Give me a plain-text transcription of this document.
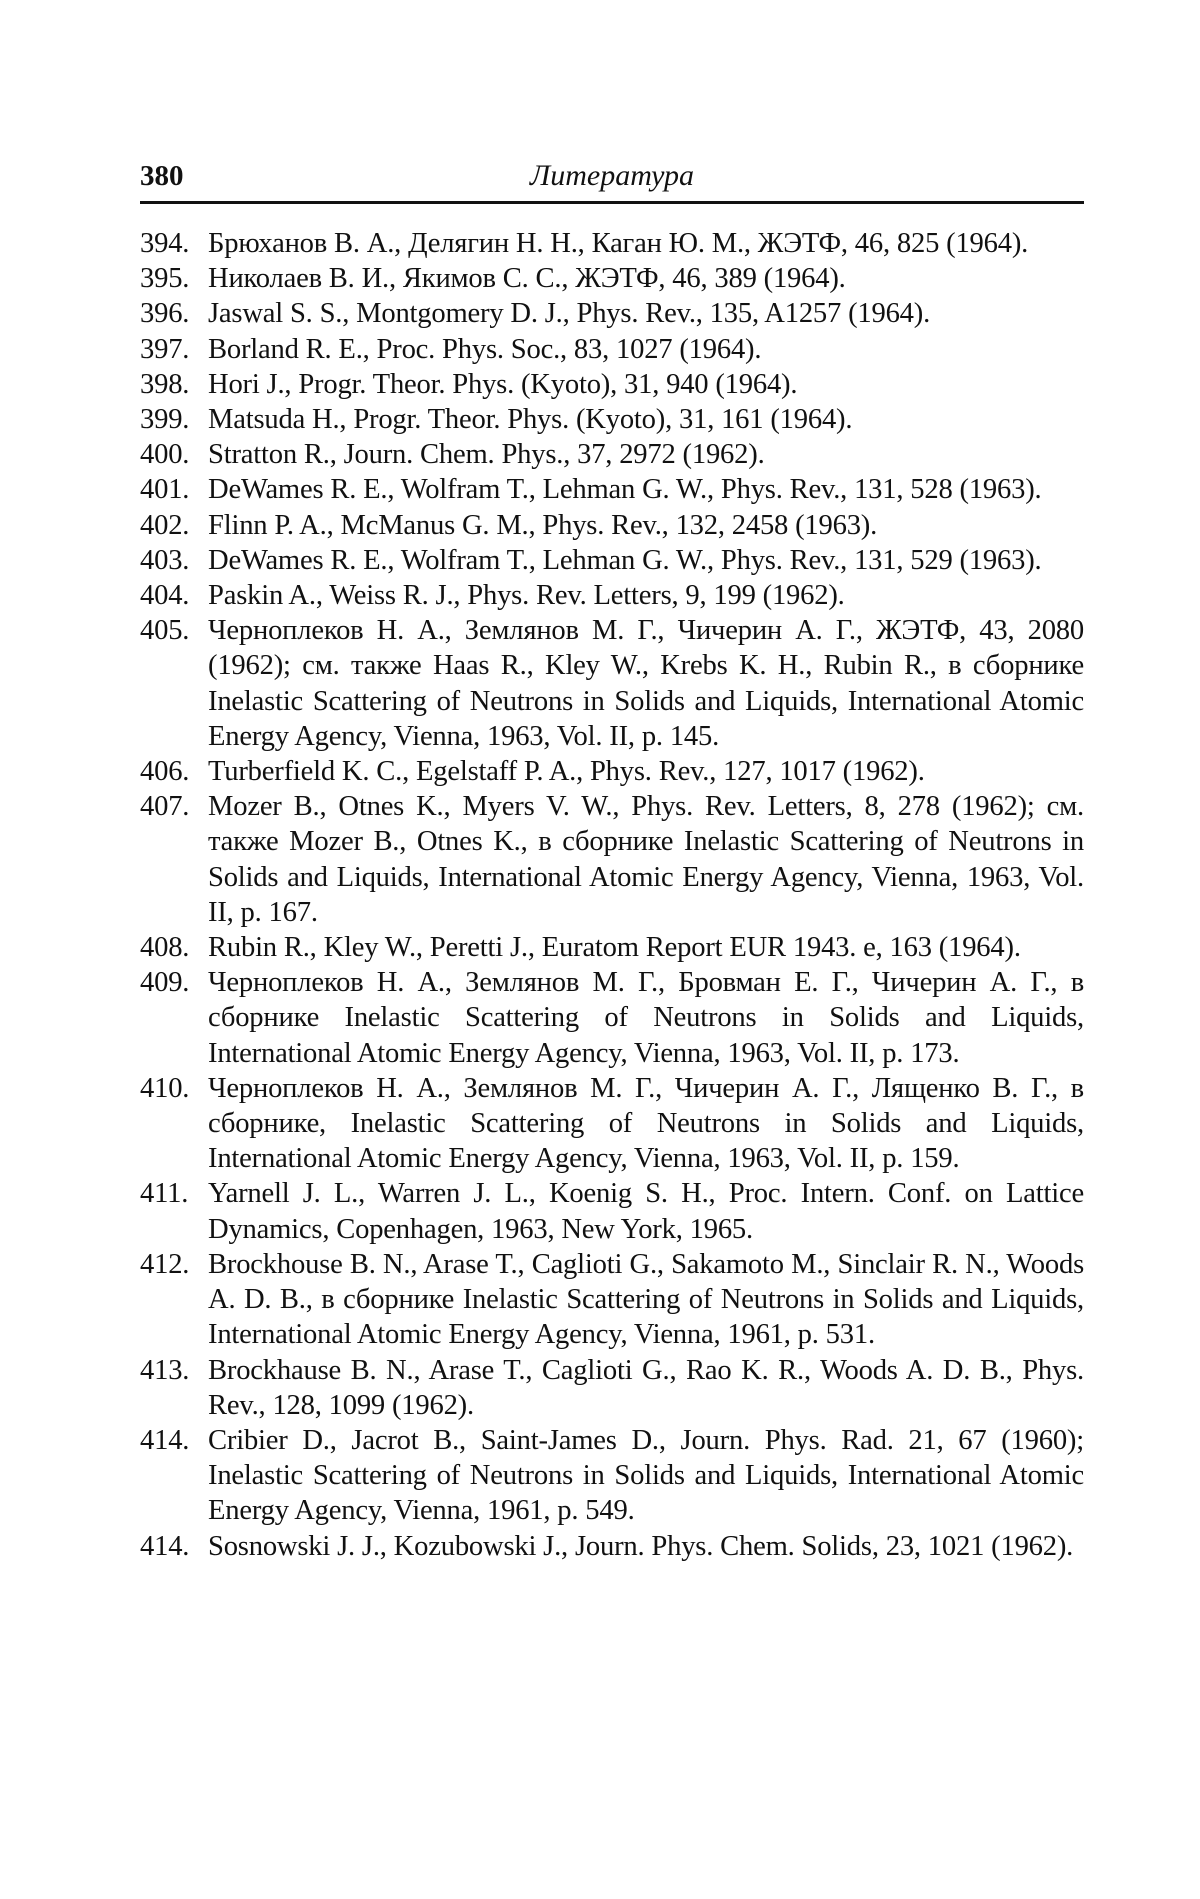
380	Литература
394. Брюханов В. А., Делягин Н. Н., Каган Ю. М., ЖЭТФ, 46, 825 (1964).
395. Николаев В. И., Якимов С. С., ЖЭТФ, 46, 389 (1964).
396. Jaswal S. S., Montgomery D. J., Phys. Rev., 135, A1257 (1964).
397. Borland R. E., Proc. Phys. Soc., 83, 1027 (1964).
398. Hori J., Progr. Theor. Phys. (Kyoto), 31, 940 (1964).
399. Matsuda H., Progr. Theor. Phys. (Kyoto), 31, 161 (1964).
400. Stratton R., Journ. Chem. Phys., 37, 2972 (1962).
401. DeWames R. E., Wolfram T., Lehman G. W., Phys. Rev., 131, 528 (1963).
402. Flinn P. A., McManus G. M., Phys. Rev., 132, 2458 (1963).
403. DeWames R. E., Wolfram T., Lehman G. W., Phys. Rev., 131, 529 (1963).
404. Paskin A., Weiss R. J., Phys. Rev. Letters, 9, 199 (1962).
405. Черноплеков Н. А., Землянов М. Г., Чичерин А. Г., ЖЭТФ, 43, 2080 (1962); см. также Haas R., Kley W., Krebs K. H., Rubin R., в сборнике Inelastic Scattering of Neutrons in Solids and Liquids, International Atomic Energy Agency, Vienna, 1963, Vol. II, p. 145.
406. Turberfield K. C., Egelstaff P. A., Phys. Rev., 127, 1017 (1962).
407. Mozer B., Otnes K., Myers V. W., Phys. Rev. Letters, 8, 278 (1962); см. также Mozer B., Otnes K., в сборнике Inelastic Scattering of Neutrons in Solids and Liquids, International Atomic Energy Agency, Vienna, 1963, Vol. II, p. 167.
408. Rubin R., Kley W., Peretti J., Euratom Report EUR 1943. e, 163 (1964).
409. Черноплеков Н. А., Землянов М. Г., Бровман Е. Г., Чичерин А. Г., в сборнике Inelastic Scattering of Neutrons in Solids and Liquids, International Atomic Energy Agency, Vienna, 1963, Vol. II, p. 173.
410. Черноплеков Н. А., Землянов М. Г., Чичерин А. Г., Лященко В. Г., в сборнике, Inelastic Scattering of Neutrons in Solids and Liquids, International Atomic Energy Agency, Vienna, 1963, Vol. II, p. 159.
411. Yarnell J. L., Warren J. L., Koenig S. H., Proc. Intern. Conf. on Lattice Dynamics, Copenhagen, 1963, New York, 1965.
412. Brockhouse B. N., Arase T., Caglioti G., Sakamoto M., Sinclair R. N., Woods A. D. B., в сборнике Inelastic Scattering of Neutrons in Solids and Liquids, International Atomic Energy Agency, Vienna, 1961, p. 531.
413. Brockhause B. N., Arase T., Caglioti G., Rao K. R., Woods A. D. B., Phys. Rev., 128, 1099 (1962).
414. Cribier D., Jacrot B., Saint-James D., Journ. Phys. Rad. 21, 67 (1960); Inelastic Scattering of Neutrons in Solids and Liquids, International Atomic Energy Agency, Vienna, 1961, p. 549.
414. Sosnowski J. J., Kozubowski J., Journ. Phys. Chem. Solids, 23, 1021 (1962).
